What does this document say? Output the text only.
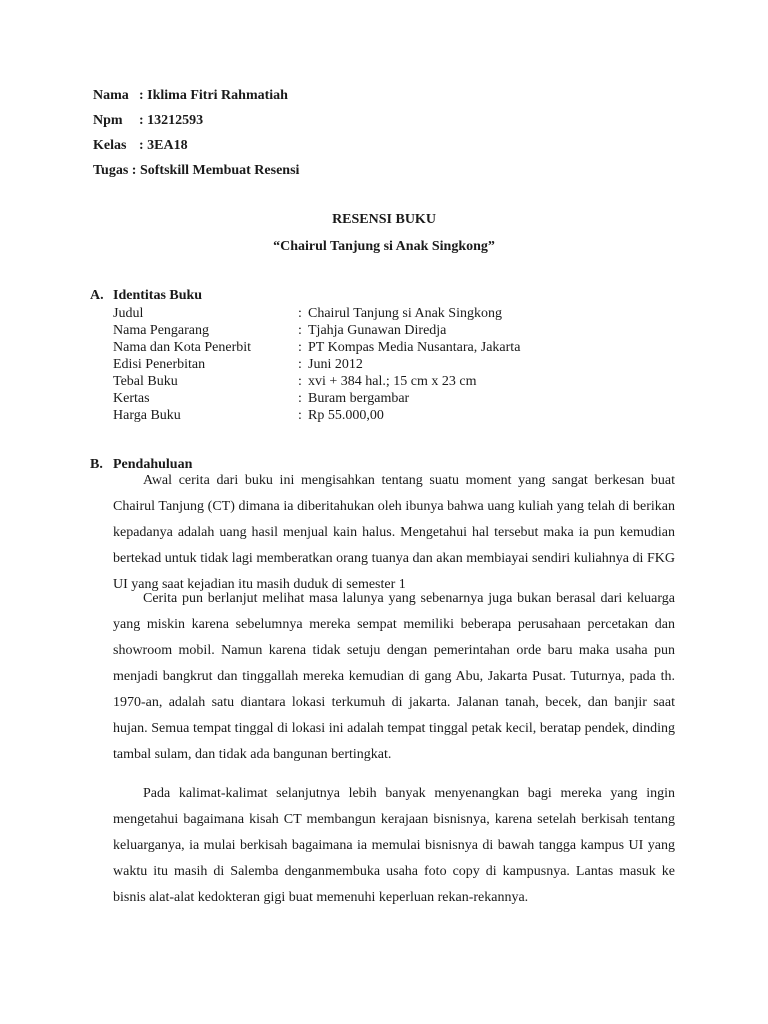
Nama : Iklima Fitri Rahmatiah
Npm : 13212593
Kelas : 3EA18
Tugas : Softskill Membuat Resensi
RESENSI BUKU
“Chairul Tanjung si Anak Singkong”
A. Identitas Buku
Judul	: Chairul Tanjung si Anak Singkong
Nama Pengarang	: Tjahja Gunawan Diredja
Nama dan Kota Penerbit	: PT Kompas Media Nusantara, Jakarta
Edisi Penerbitan	: Juni 2012
Tebal Buku	: xvi + 384 hal.; 15 cm x 23 cm
Kertas	: Buram bergambar
Harga Buku	: Rp 55.000,00
B. Pendahuluan

Awal cerita dari buku ini mengisahkan tentang suatu moment yang sangat berkesan buat Chairul Tanjung (CT) dimana ia diberitahukan oleh ibunya bahwa uang kuliah yang telah di berikan kepadanya adalah uang hasil menjual kain halus. Mengetahui hal tersebut maka ia pun kemudian bertekad untuk tidak lagi memberatkan orang tuanya dan akan membiayai sendiri kuliahnya di FKG UI yang saat kejadian itu masih duduk di semester 1

Cerita pun berlanjut melihat masa lalunya yang sebenarnya juga bukan berasal dari keluarga yang miskin karena sebelumnya mereka sempat memiliki beberapa perusahaan percetakan dan showroom mobil. Namun karena tidak setuju dengan pemerintahan orde baru maka usaha pun menjadi bangkrut dan tinggallah mereka kemudian di gang Abu, Jakarta Pusat. Tuturnya, pada th. 1970-an, adalah satu diantara lokasi terkumuh di jakarta. Jalanan tanah, becek, dan banjir saat hujan. Semua tempat tinggal di lokasi ini adalah tempat tinggal petak kecil, beratap pendek, dinding tambal sulam, dan tidak ada bangunan bertingkat.

Pada kalimat-kalimat selanjutnya lebih banyak menyenangkan bagi mereka yang ingin mengetahui bagaimana kisah CT membangun kerajaan bisnisnya, karena setelah berkisah tentang keluarganya, ia mulai berkisah bagaimana ia memulai bisnisnya di bawah tangga kampus UI yang waktu itu masih di Salemba denganmembuka usaha foto copy di kampusnya. Lantas masuk ke bisnis alat-alat kedokteran gigi buat memenuhi keperluan rekan-rekannya.
